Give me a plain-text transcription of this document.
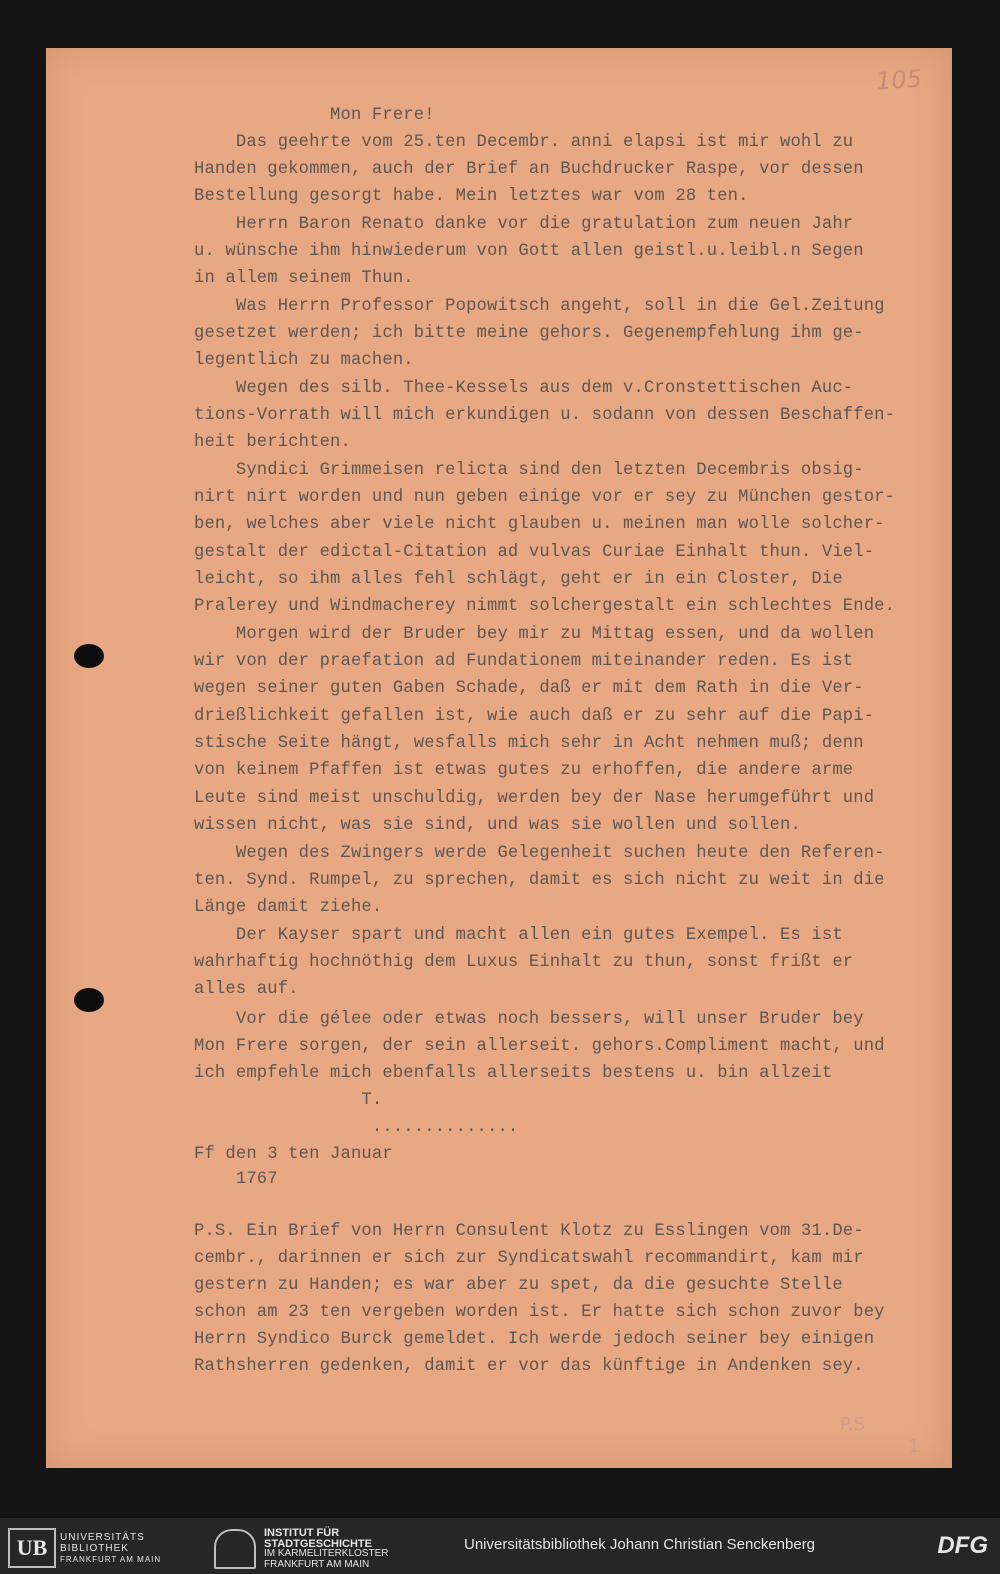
105
Mon Frere!
Das geehrte vom 25.ten Decembr. anni elapsi ist mir wohl zu
Handen gekommen, auch der Brief an Buchdrucker Raspe, vor dessen
Bestellung gesorgt habe. Mein letztes war vom 28 ten.
Herrn Baron Renato danke vor die gratulation zum neuen Jahr
u. wünsche ihm hinwiederum von Gott allen geistl.u.leibl.n Segen
in allem seinem Thun.
Was Herrn Professor Popowitsch angeht, soll in die Gel.Zeitung
gesetzet werden; ich bitte meine gehors. Gegenempfehlung ihm ge-
legentlich zu machen.
Wegen des silb. Thee-Kessels aus dem v.Cronstettischen Auc-
tions-Vorrath will mich erkundigen u. sodann von dessen Beschaffen-
heit berichten.
Syndici Grimmeisen relicta sind den letzten Decembris obsig-
nirt nirt worden und nun geben einige vor er sey zu München gestor-
ben, welches aber viele nicht glauben u. meinen man wolle solcher-
gestalt der edictal-Citation ad vulvas Curiae Einhalt thun. Viel-
leicht, so ihm alles fehl schlägt, geht er in ein Closter, Die
Pralerey und Windmacherey nimmt solchergestalt ein schlechtes Ende.
Morgen wird der Bruder bey mir zu Mittag essen, und da wollen
wir von der praefation ad Fundationem miteinander reden. Es ist
wegen seiner guten Gaben Schade, daß er mit dem Rath in die Ver-
drießlichkeit gefallen ist, wie auch daß er zu sehr auf die Papi-
stische Seite hängt, wesfalls mich sehr in Acht nehmen muß; denn
von keinem Pfaffen ist etwas gutes zu erhoffen, die andere arme
Leute sind meist unschuldig, werden bey der Nase herumgeführt und
wissen nicht, was sie sind, und was sie wollen und sollen.
Wegen des Zwingers werde Gelegenheit suchen heute den Referen-
ten. Synd. Rumpel, zu sprechen, damit es sich nicht zu weit in die
Länge damit ziehe.
Der Kayser spart und macht allen ein gutes Exempel. Es ist
wahrhaftig hochnöthig dem Luxus Einhalt zu thun, sonst frißt er
alles auf.
Vor die gélee oder etwas noch bessers, will unser Bruder bey
Mon Frere sorgen, der sein allerseit. gehors.Compliment macht, und
ich empfehle mich ebenfalls allerseits bestens u. bin allzeit
T.
..............
Ff den 3 ten Januar
1767
P.S. Ein Brief von Herrn Consulent Klotz zu Esslingen vom 31.De-
cembr., darinnen er sich zur Syndicatswahl recommandirt, kam mir
gestern zu Handen; es war aber zu spet, da die gesuchte Stelle
schon am 23 ten vergeben worden ist. Er hatte sich schon zuvor bey
Herrn Syndico Burck gemeldet. Ich werde jedoch seiner bey einigen
Rathsherren gedenken, damit er vor das künftige in Andenken sey.
P.S
1
UB	UNIVERSITÄTS
BIBLIOTHEK
FRANKFURT AM MAIN
INSTITUT FÜR
STADTGESCHICHTE
IM KARMELITERKLOSTER
FRANKFURT AM MAIN
Universitätsbibliothek Johann Christian Senckenberg	DFG
